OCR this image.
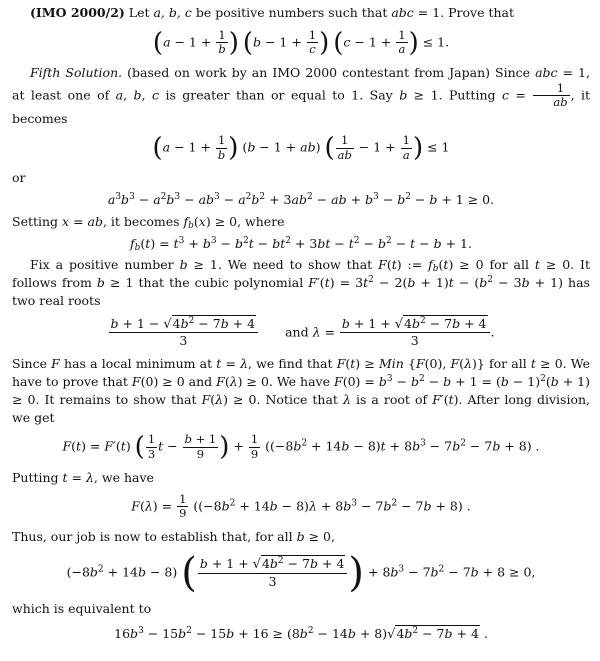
(IMO 2000/2) Let a, b, c be positive numbers such that abc = 1. Prove that

($a - 1 + \frac{1}{b}$ ) ($b - 1 + \frac{1}{c}$ ) ($c - 1 + \frac{1}{a}$ ) ≤ 1.

Fifth Solution. (based on work by an IMO 2000 contestant from Japan) Since abc = 1, at least one of a, b, c is greater than or equal to 1. Say b ≥ 1. Putting $c = \frac{1}{ab}$ , it becomes

($a - 1 + \frac{1}{b}$ ) (b − 1 + ab) ( $\frac{1}{ab} - 1 + \frac{1}{a}$ ) ≤ 1

or

$a^3b^3 - a^2b^3 - ab^3 - a^2b^2 + 3ab^2$ − ab + $b^3 - b^2 - b + 1 \ge 0$.

Setting x = ab, it becomes $f_b(x) \ge 0$, where

$f_b(t) = t^3 + b^3 - b^2t - bt^2 + 3bt - t^2 - b^2 - t - b + 1$.

Fix a positive number b ≥ 1. We need to show that F(t) := $f_b(t) \ge 0$ for all t ≥ 0. It follows from b ≥ 1 that the cubic polynomial $F'(t) = 3t^2 - 2(b + 1)t - (b^2 - 3b + 1)$ has two real roots

$\frac{b + 1 - √4b^2 - 7b + 4}{3}$ and $\lambda = \frac{b + 1 + √4b^2 - 7b + 4}{3}$ .

Since F has a local minimum at t = λ, we find that F(t) ≥ Min {F(0), F(λ)} for all t ≥ 0. We have to prove that F(0) ≥ 0 and F(λ) ≥ 0. We have $F(0) = b^3 - b^2 - b + 1 = (b - 1)^2(b + 1) \ge 0$. It remains to show that F(λ) ≥ 0. Notice that λ is a root of F′(t). After long division, we get

F(t) = F′(t) ( $\frac{1}{3}$ $t - \frac{b + 1}{9}$ ) + $\frac{1}{9} ((-8b^2 + 14b - 8)t + 8b^3 - 7b^2 - 7b + 8)$ .

Putting t = λ, we have

$F(\lambda) = \frac{1}{9} ((-8b^2 + 14b - 8)\lambda + 8b^3 - 7b^2 - 7b + 8)$ .

Thus, our job is now to establish that, for all b ≥ 0,

$(-8b^2 + 14b - 8)$ ( $\frac{b + 1 + √4b^2 - 7b + 4}{3}$ ) + $8b^3 - 7b^2 - 7b + 8 \ge 0$,

which is equivalent to

$16b^3 - 15b^2 - 15b + 16 \ge (8b^2 - 14b + 8)√4b^2 - 7b + 4$ .
